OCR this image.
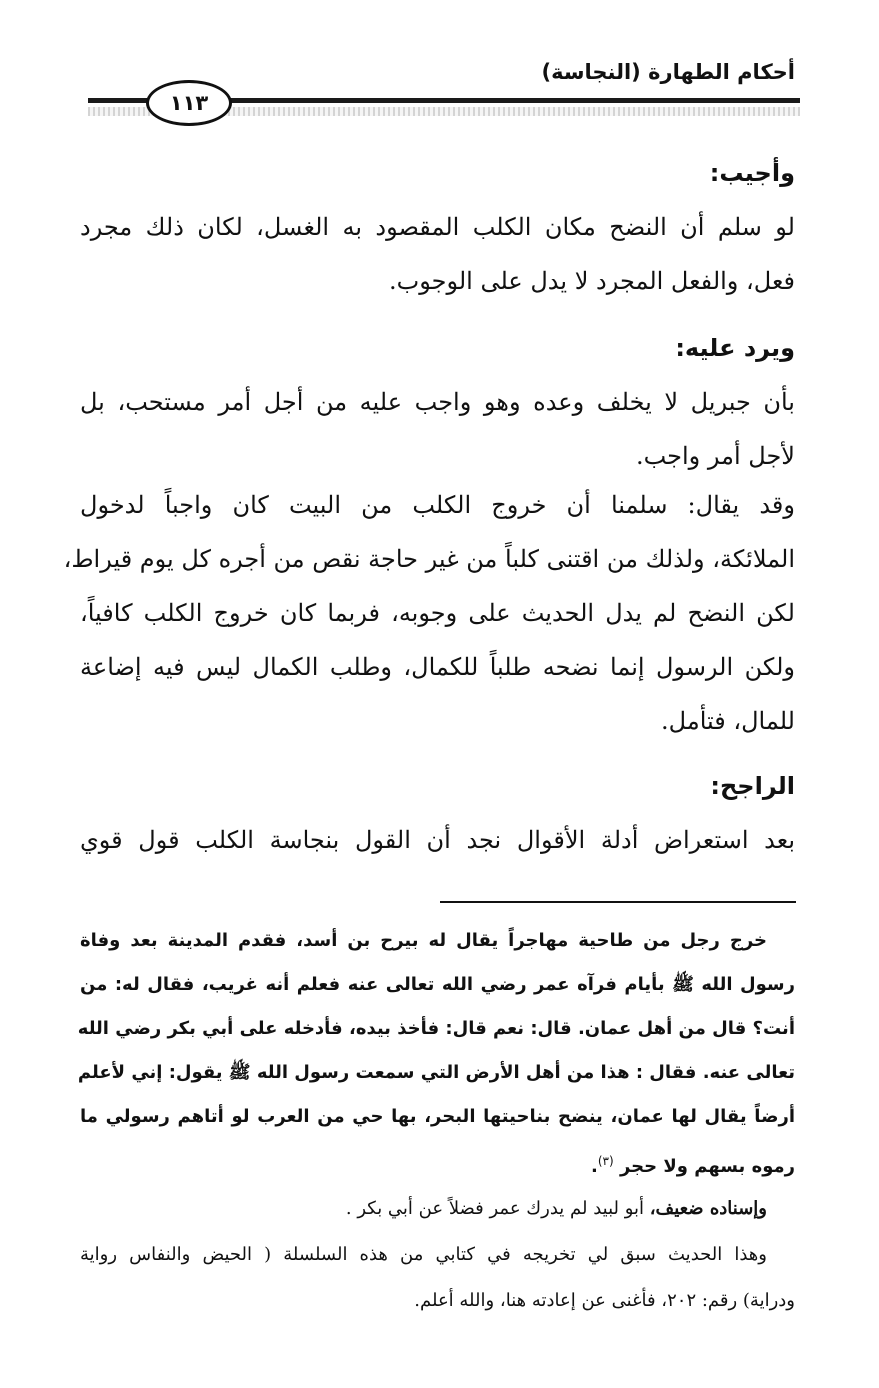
أحكام الطهارة (النجاسة)
١١٣
وأجيب:
لو سلم أن النضح مكان الكلب المقصود به الغسل، لكان ذلك مجرد
فعل، والفعل المجرد لا يدل على الوجوب.
ويرد عليه:
بأن جبريل لا يخلف وعده وهو واجب عليه من أجل أمر مستحب، بل
لأجل أمر واجب.
وقد يقال: سلمنا أن خروج الكلب من البيت كان واجباً لدخول
الملائكة، ولذلك من اقتنى كلباً من غير حاجة نقص من أجره كل يوم قيراط،
لكن النضح لم يدل الحديث على وجوبه، فربما كان خروج الكلب كافياً،
ولكن الرسول إنما نضحه طلباً للكمال، وطلب الكمال ليس فيه إضاعة
للمال، فتأمل.
الراجح:
بعد استعراض أدلة الأقوال نجد أن القول بنجاسة الكلب قول قوي
خرج رجل من طاحية مهاجراً يقال له بيرح بن أسد، فقدم المدينة بعد وفاة
رسول الله ﷺ بأيام فرآه عمر رضي الله تعالى عنه فعلم أنه غريب، فقال له: من
أنت؟ قال من أهل عمان. قال: نعم قال: فأخذ بيده، فأدخله على أبي بكر رضي الله
تعالى عنه. فقال : هذا من أهل الأرض التي سمعت رسول الله ﷺ يقول: إني لأعلم
أرضاً يقال لها عمان، ينضح بناحيتها البحر، بها حي من العرب لو أتاهم رسولي ما
رموه بسهم ولا حجر $^{(٣)}$.
وإسناده ضعيف، أبو لبيد لم يدرك عمر فضلاً عن أبي بكر .
وهذا الحديث سبق لي تخريجه في كتابي من هذه السلسلة ( الحيض والنفاس رواية
ودراية) رقم: ٢٠٢، فأغنى عن إعادته هنا، والله أعلم.
